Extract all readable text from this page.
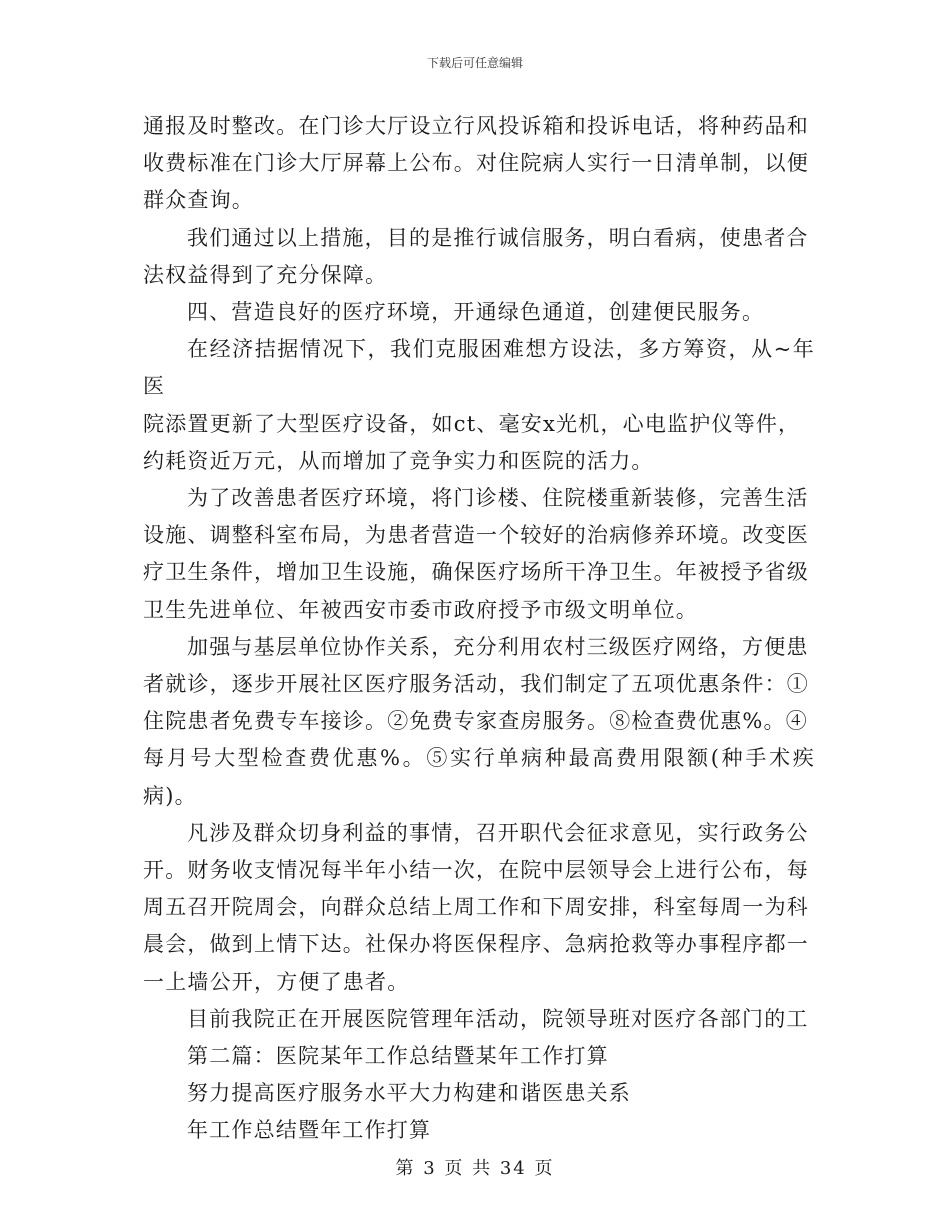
下载后可任意编辑
通报及时整改。在门诊大厅设立行风投诉箱和投诉电话，将种药品和
收费标准在门诊大厅屏幕上公布。对住院病人实行一日清单制，以便
群众查询。
我们通过以上措施，目的是推行诚信服务，明白看病，使患者合
法权益得到了充分保障。
四、营造良好的医疗环境，开通绿色通道，创建便民服务。
在经济拮据情况下，我们克服困难想方设法，多方筹资，从~年医
院添置更新了大型医疗设备，如ct、毫安x光机，心电监护仪等件，
约耗资近万元，从而增加了竞争实力和医院的活力。
为了改善患者医疗环境，将门诊楼、住院楼重新装修，完善生活
设施、调整科室布局，为患者营造一个较好的治病修养环境。改变医
疗卫生条件，增加卫生设施，确保医疗场所干净卫生。年被授予省级
卫生先进单位、年被西安市委市政府授予市级文明单位。
加强与基层单位协作关系，充分利用农村三级医疗网络，方便患
者就诊，逐步开展社区医疗服务活动，我们制定了五项优惠条件：①
住院患者免费专车接诊。②免费专家查房服务。⑧检查费优惠%。④
每月号大型检查费优惠%。⑤实行单病种最高费用限额(种手术疾病)。
凡涉及群众切身利益的事情，召开职代会征求意见，实行政务公
开。财务收支情况每半年小结一次，在院中层领导会上进行公布，每
周五召开院周会，向群众总结上周工作和下周安排，科室每周一为科
晨会，做到上情下达。社保办将医保程序、急病抢救等办事程序都一
一上墙公开，方便了患者。
目前我院正在开展医院管理年活动，院领导班对医疗各部门的工
第二篇：医院某年工作总结暨某年工作打算
努力提高医疗服务水平大力构建和谐医患关系
年工作总结暨年工作打算
第 3 页 共 34 页
